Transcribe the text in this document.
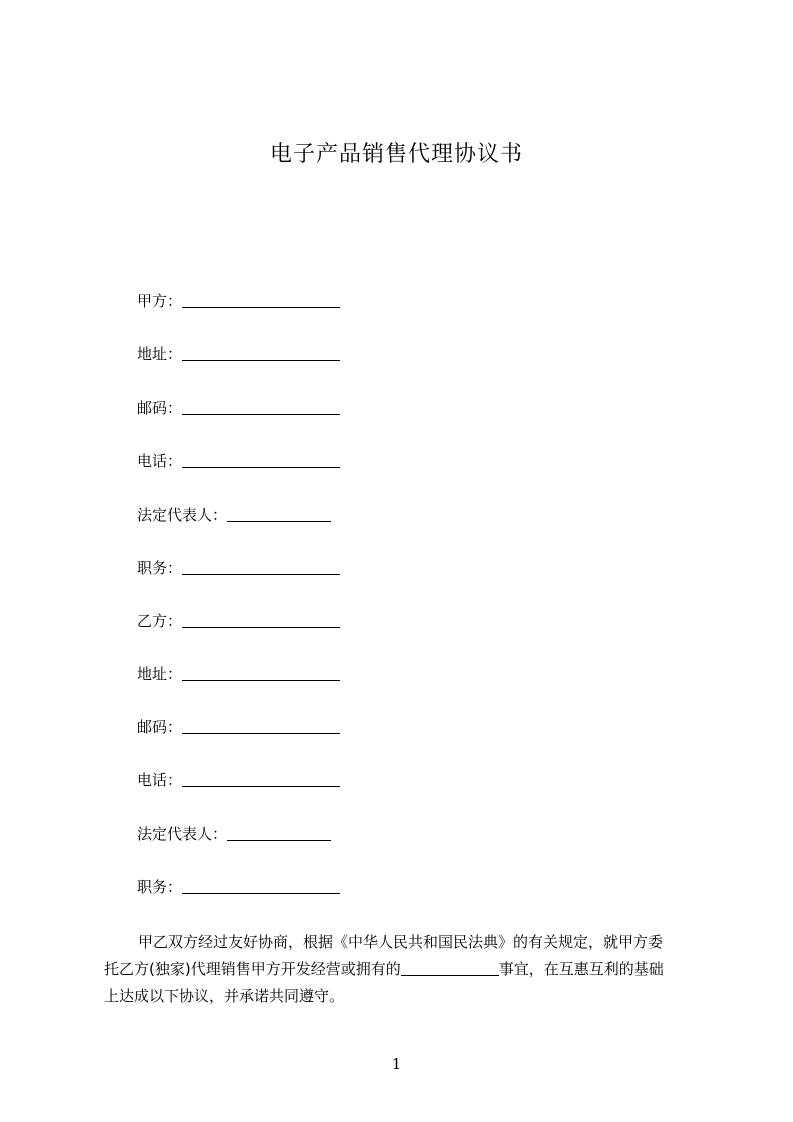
电子产品销售代理协议书
甲方：
地址：
邮码：
电话：
法定代表人：
职务：
乙方：
地址：
邮码：
电话：
法定代表人：
职务：
甲乙双方经过友好协商，根据《中华人民共和国民法典》的有关规定，就甲方委
托乙方(独家)代理销售甲方开发经营或拥有的	事宜，在互惠互利的基础
上达成以下协议，并承诺共同遵守。
1
